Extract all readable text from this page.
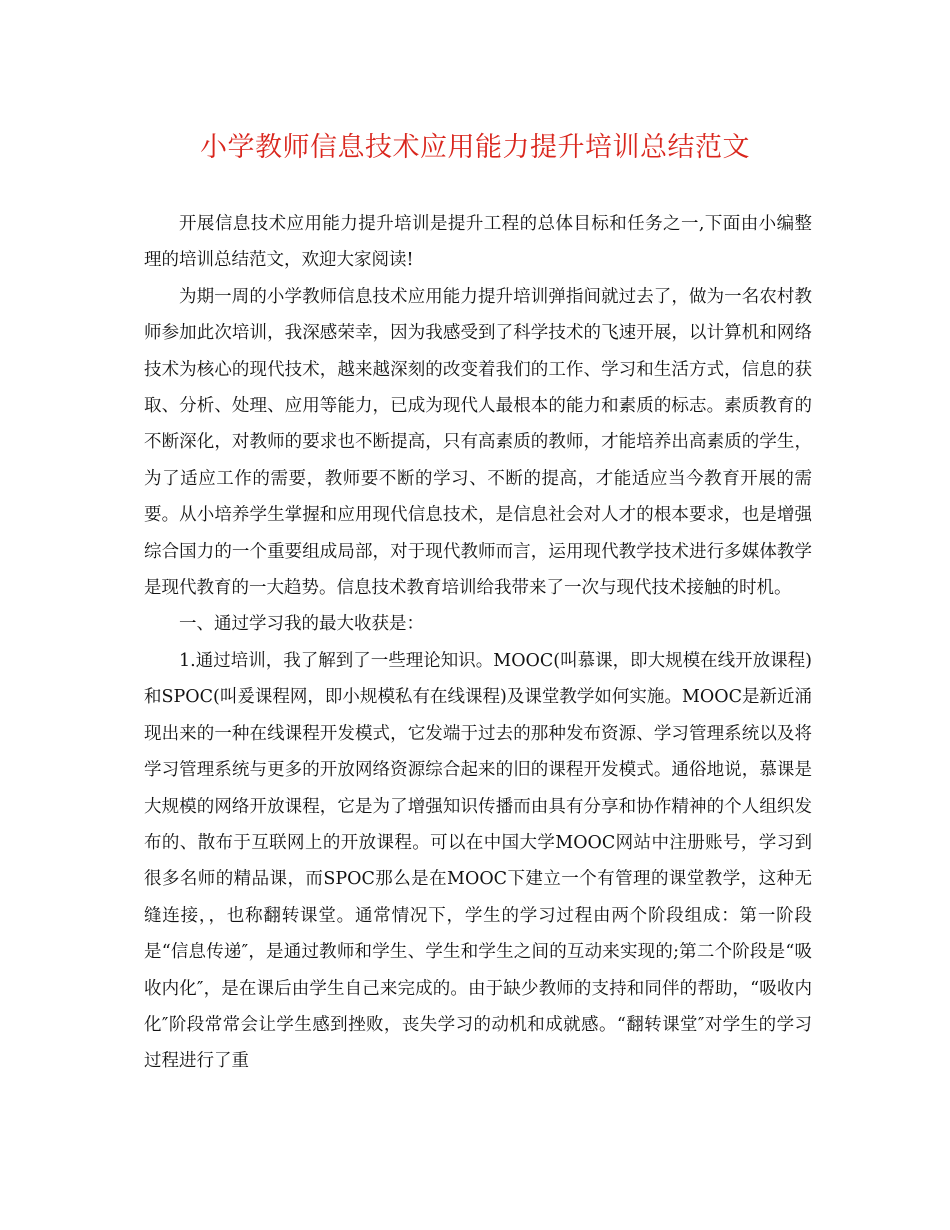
小学教师信息技术应用能力提升培训总结范文

开展信息技术应用能力提升培训是提升工程的总体目标和任务之一,下面由小编整理的培训总结范文，欢迎大家阅读!

为期一周的小学教师信息技术应用能力提升培训弹指间就过去了，做为一名农村教师参加此次培训，我深感荣幸，因为我感受到了科学技术的飞速开展，以计算机和网络技术为核心的现代技术，越来越深刻的改变着我们的工作、学习和生活方式，信息的获取、分析、处理、应用等能力，已成为现代人最根本的能力和素质的标志。素质教育的不断深化，对教师的要求也不断提高，只有高素质的教师，才能培养出高素质的学生，为了适应工作的需要，教师要不断的学习、不断的提高，才能适应当今教育开展的需要。从小培养学生掌握和应用现代信息技术，是信息社会对人才的根本要求，也是增强综合国力的一个重要组成局部，对于现代教师而言，运用现代教学技术进行多媒体教学是现代教育的一大趋势。信息技术教育培训给我带来了一次与现代技术接触的时机。

一、通过学习我的最大收获是：

1.通过培训，我了解到了一些理论知识。MOOC(叫慕课，即大规模在线开放课程)和SPOC(叫爰课程网，即小规模私有在线课程)及课堂教学如何实施。MOOC是新近涌现出来的一种在线课程开发模式，它发端于过去的那种发布资源、学习管理系统以及将学习管理系统与更多的开放网络资源综合起来的旧的课程开发模式。通俗地说，慕课是大规模的网络开放课程，它是为了增强知识传播而由具有分享和协作精神的个人组织发布的、散布于互联网上的开放课程。可以在中国大学MOOC网站中注册账号，学习到很多名师的精品课，而SPOC那么是在MOOC下建立一个有管理的课堂教学，这种无缝连接，，也称翻转课堂。通常情况下，学生的学习过程由两个阶段组成：第一阶段是“信息传递″，是通过教师和学生、学生和学生之间的互动来实现的;第二个阶段是“吸收内化″，是在课后由学生自己来完成的。由于缺少教师的支持和同伴的帮助，“吸收内化″阶段常常会让学生感到挫败，丧失学习的动机和成就感。“翻转课堂″对学生的学习过程进行了重
